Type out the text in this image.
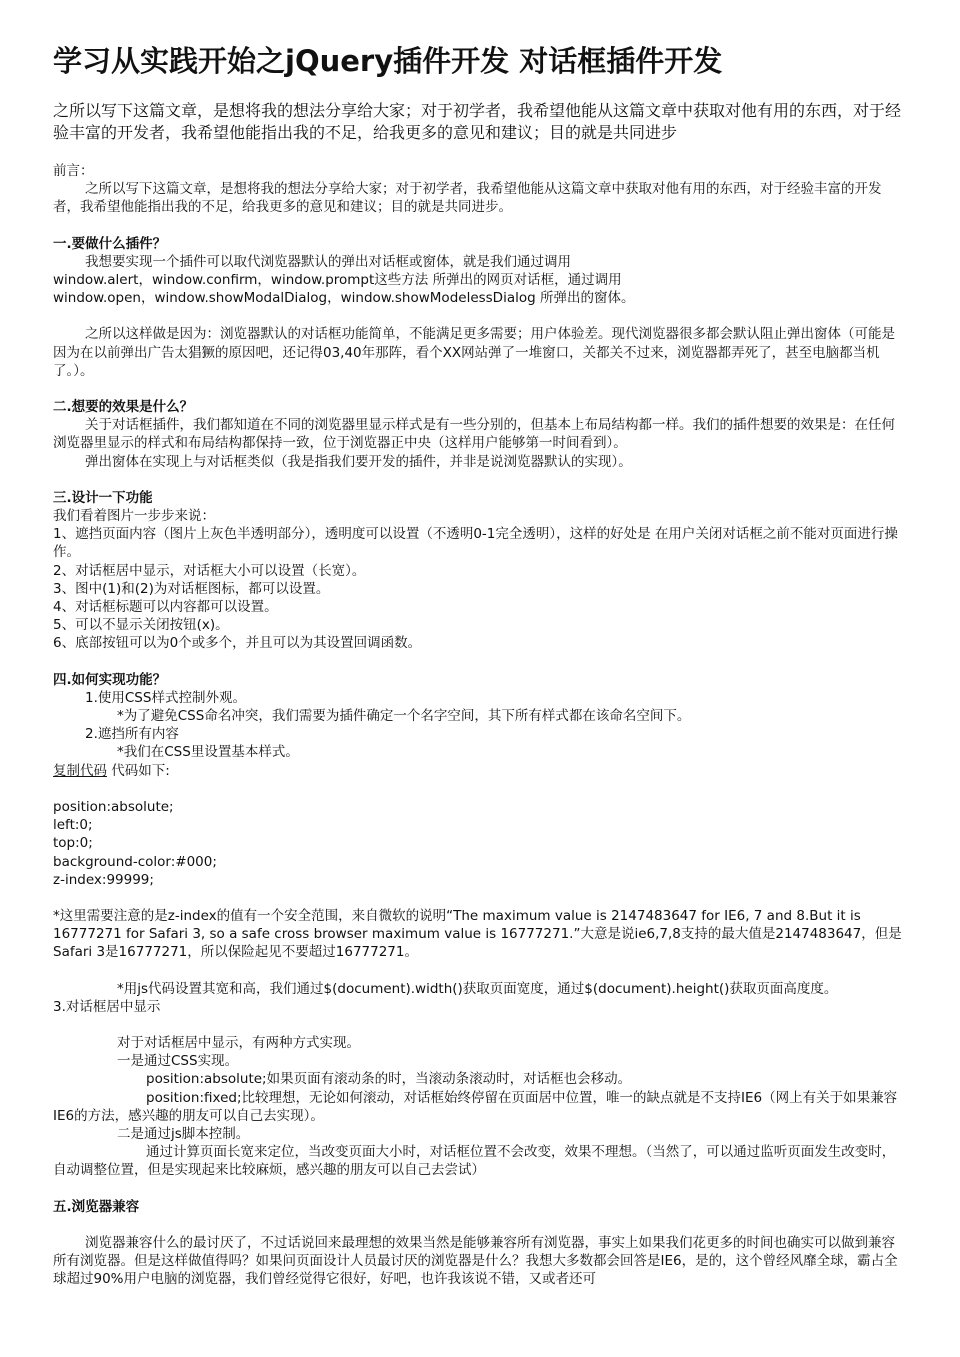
学习从实践开始之jQuery插件开发 对话框插件开发

之所以写下这篇文章，是想将我的想法分享给大家；对于初学者，我希望他能从这篇文章中获取对他有用的东西，对于经验丰富的开发者，我希望他能指出我的不足，给我更多的意见和建议；目的就是共同进步

前言：

之所以写下这篇文章，是想将我的想法分享给大家；对于初学者，我希望他能从这篇文章中获取对他有用的东西，对于经验丰富的开发者，我希望他能指出我的不足，给我更多的意见和建议；目的就是共同进步。

一.要做什么插件？

我想要实现一个插件可以取代浏览器默认的弹出对话框或窗体，就是我们通过调用

window.alert，window.confirm，window.prompt这些方法 所弹出的网页对话框，通过调用

window.open，window.showModalDialog，window.showModelessDialog 所弹出的窗体。

之所以这样做是因为：浏览器默认的对话框功能简单，不能满足更多需要；用户体验差。现代浏览器很多都会默认阻止弹出窗体（可能是因为在以前弹出广告太猖獗的原因吧，还记得03,40年那阵，看个XX网站弹了一堆窗口，关都关不过来，浏览器都弄死了，甚至电脑都当机了。）。

二.想要的效果是什么？

关于对话框插件，我们都知道在不同的浏览器里显示样式是有一些分别的，但基本上布局结构都一样。我们的插件想要的效果是：在任何浏览器里显示的样式和布局结构都保持一致，位于浏览器正中央（这样用户能够第一时间看到）。

弹出窗体在实现上与对话框类似（我是指我们要开发的插件，并非是说浏览器默认的实现）。

三.设计一下功能

我们看着图片一步步来说：

1、遮挡页面内容（图片上灰色半透明部分），透明度可以设置（不透明0-1完全透明），这样的好处是 在用户关闭对话框之前不能对页面进行操作。

2、对话框居中显示，对话框大小可以设置（长宽）。

3、图中(1)和(2)为对话框图标，都可以设置。

4、对话框标题可以内容都可以设置。

5、可以不显示关闭按钮(x)。

6、底部按钮可以为0个或多个，并且可以为其设置回调函数。

四.如何实现功能？

1.使用CSS样式控制外观。

*为了避免CSS命名冲突，我们需要为插件确定一个名字空间，其下所有样式都在该命名空间下。

2.遮挡所有内容

*我们在CSS里设置基本样式。

复制代码 代码如下:

position:absolute;

left:0;

top:0;

background-color:#000;

z-index:99999;

*这里需要注意的是z-index的值有一个安全范围，来自微软的说明“The maximum value is 2147483647 for IE6, 7 and 8.But it is 16777271 for Safari 3, so a safe cross browser maximum value is 16777271.”大意是说ie6,7,8支持的最大值是2147483647，但是Safari 3是16777271，所以保险起见不要超过16777271。

*用js代码设置其宽和高，我们通过$(document).width()获取页面宽度，通过$(document).height()获取页面高度度。

3.对话框居中显示

对于对话框居中显示，有两种方式实现。

一是通过CSS实现。

position:absolute;如果页面有滚动条的时，当滚动条滚动时，对话框也会移动。

position:fixed;比较理想，无论如何滚动，对话框始终停留在页面居中位置，唯一的缺点就是不支持IE6（网上有关于如果兼容IE6的方法，感兴趣的朋友可以自己去实现）。

二是通过js脚本控制。

通过计算页面长宽来定位，当改变页面大小时，对话框位置不会改变，效果不理想。（当然了，可以通过监听页面发生改变时，自动调整位置，但是实现起来比较麻烦，感兴趣的朋友可以自己去尝试）

五.浏览器兼容

浏览器兼容什么的最讨厌了，不过话说回来最理想的效果当然是能够兼容所有浏览器，事实上如果我们花更多的时间也确实可以做到兼容所有浏览器。但是这样做值得吗？如果问页面设计人员最讨厌的浏览器是什么？我想大多数都会回答是IE6，是的，这个曾经风靡全球，霸占全球超过90%用户电脑的浏览器，我们曾经觉得它很好，好吧，也许我该说不错，又或者还可
